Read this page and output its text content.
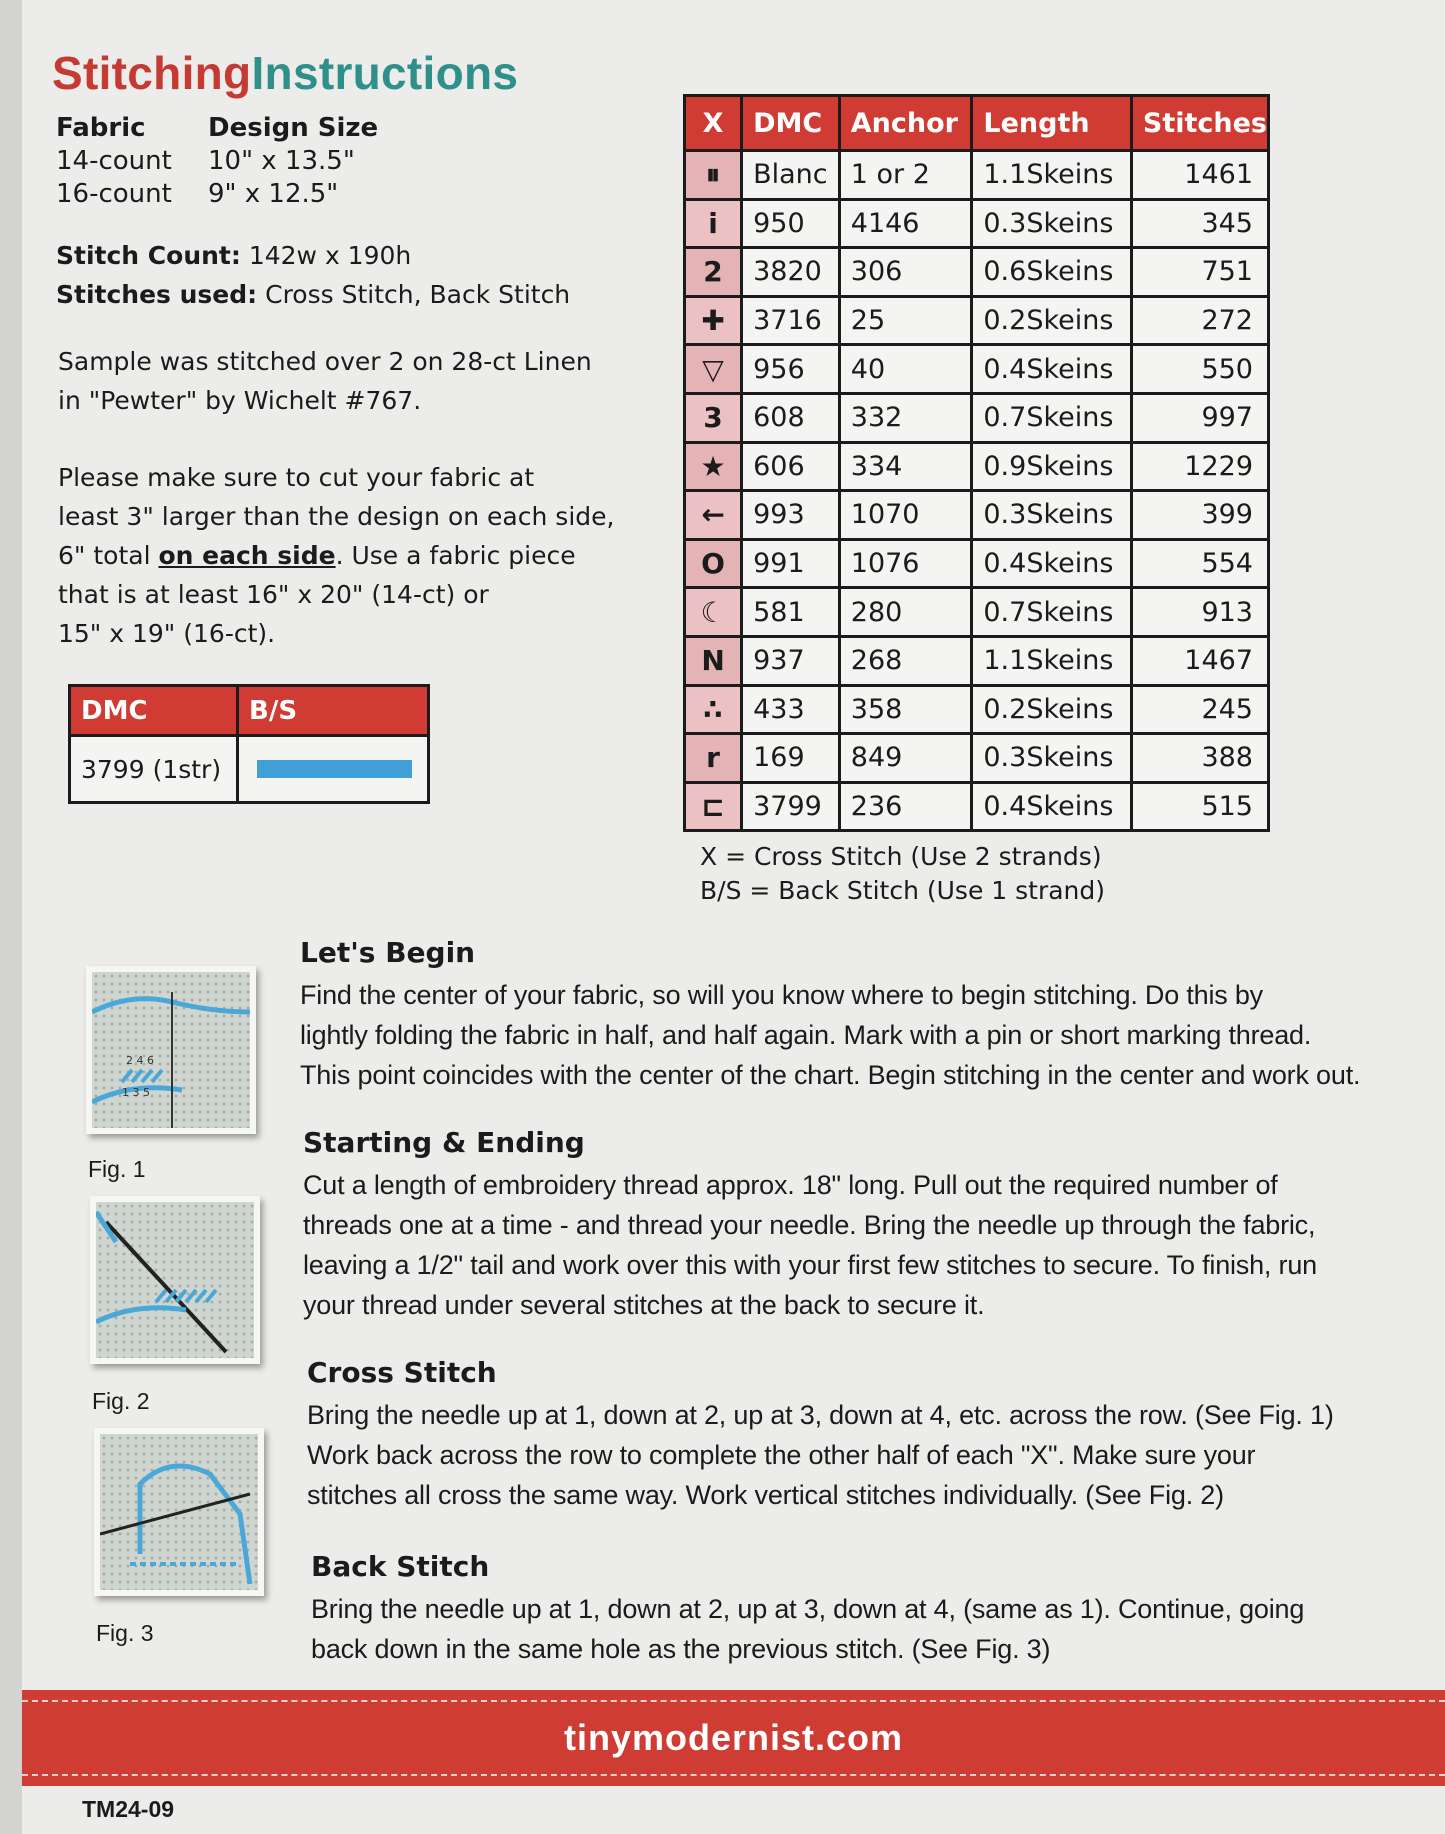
StitchingInstructions
Fabric	Design Size
14-count	10" x 13.5"
16-count	9" x 12.5"
Stitch Count: 142w x 190h
Stitches used: Cross Stitch, Back Stitch
Sample was stitched over 2 on 28-ct Linen
in "Pewter" by Wichelt #767.
Please make sure to cut your fabric at
least 3" larger than the design on each side,
6" total on each side. Use a fabric piece
that is at least 16" x 20" (14-ct) or
15" x 19" (16-ct).
DMC	B/S
3799 (1str)
X	DMC	Anchor	Length	Stitches
⏸	Blanc	1 or 2	1.1Skeins	1461
i	950	4146	0.3Skeins	345
2	3820	306	0.6Skeins	751
✚	3716	25	0.2Skeins	272
▽	956	40	0.4Skeins	550
3	608	332	0.7Skeins	997
★	606	334	0.9Skeins	1229
←	993	1070	0.3Skeins	399
O	991	1076	0.4Skeins	554
☾	581	280	0.7Skeins	913
N	937	268	1.1Skeins	1467
∴	433	358	0.2Skeins	245
r	169	849	0.3Skeins	388
⊏	3799	236	0.4Skeins	515
X = Cross Stitch (Use 2 strands)
B/S = Back Stitch (Use 1 strand)
2 4 6
1 3 5
Fig. 1
Fig. 2
Fig. 3
Let's Begin
Find the center of your fabric, so will you know where to begin stitching. Do this by
lightly folding the fabric in half, and half again. Mark with a pin or short marking thread.
This point coincides with the center of the chart. Begin stitching in the center and work out.
Starting & Ending
Cut a length of embroidery thread approx. 18" long. Pull out the required number of
threads one at a time - and thread your needle. Bring the needle up through the fabric,
leaving a 1/2" tail and work over this with your first few stitches to secure. To finish, run
your thread under several stitches at the back to secure it.
Cross Stitch
Bring the needle up at 1, down at 2, up at 3, down at 4, etc. across the row. (See Fig. 1)
Work back across the row to complete the other half of each "X". Make sure your
stitches all cross the same way. Work vertical stitches individually. (See Fig. 2)
Back Stitch
Bring the needle up at 1, down at 2, up at 3, down at 4, (same as 1). Continue, going
back down in the same hole as the previous stitch. (See Fig. 3)
tinymodernist.com
TM24-09
